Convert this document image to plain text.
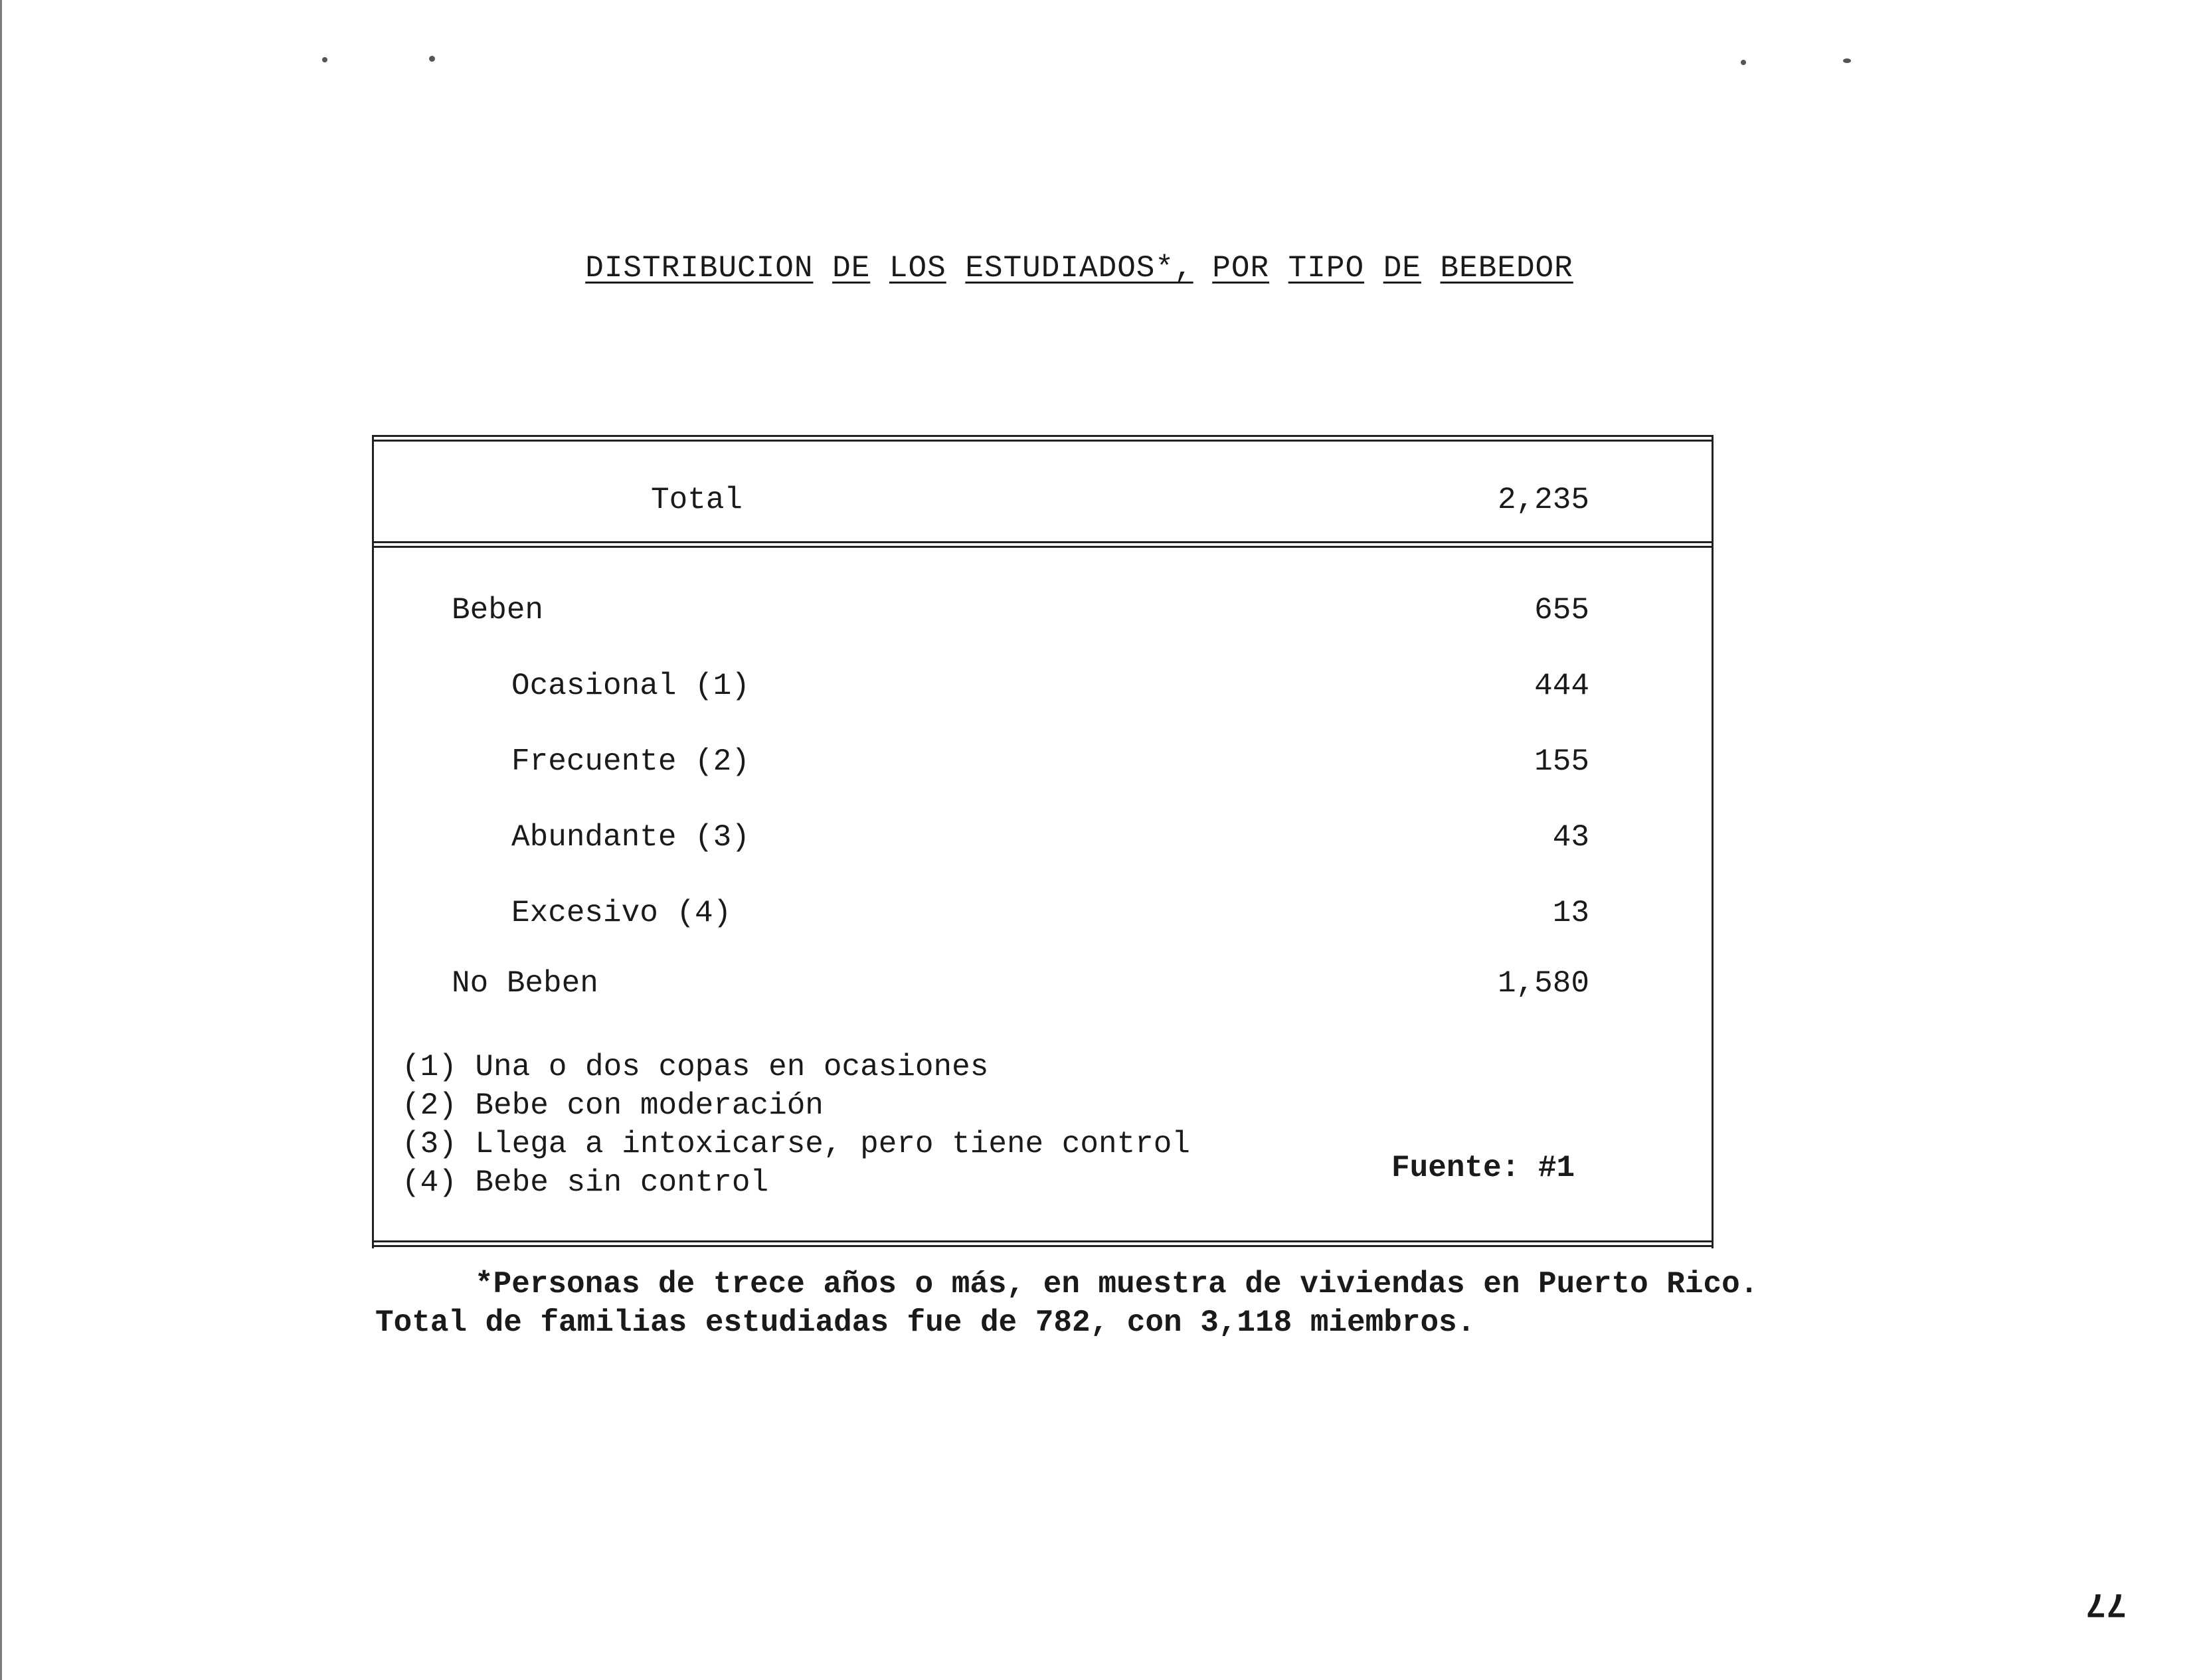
DISTRIBUCION DE LOS ESTUDIADOS*, POR TIPO DE BEBEDOR
Total	2,235
Beben	655
Ocasional (1)	444
Frecuente (2)	155
Abundante (3)	43
Excesivo (4)	13
No Beben	1,580
(1) Una o dos copas en ocasiones
(2) Bebe con moderación
(3) Llega a intoxicarse, pero tiene control
(4) Bebe sin control	Fuente: #1
*Personas de trece años o más, en muestra de viviendas en Puerto Rico.
Total de familias estudiadas fue de 782, con 3,118 miembros.
77
